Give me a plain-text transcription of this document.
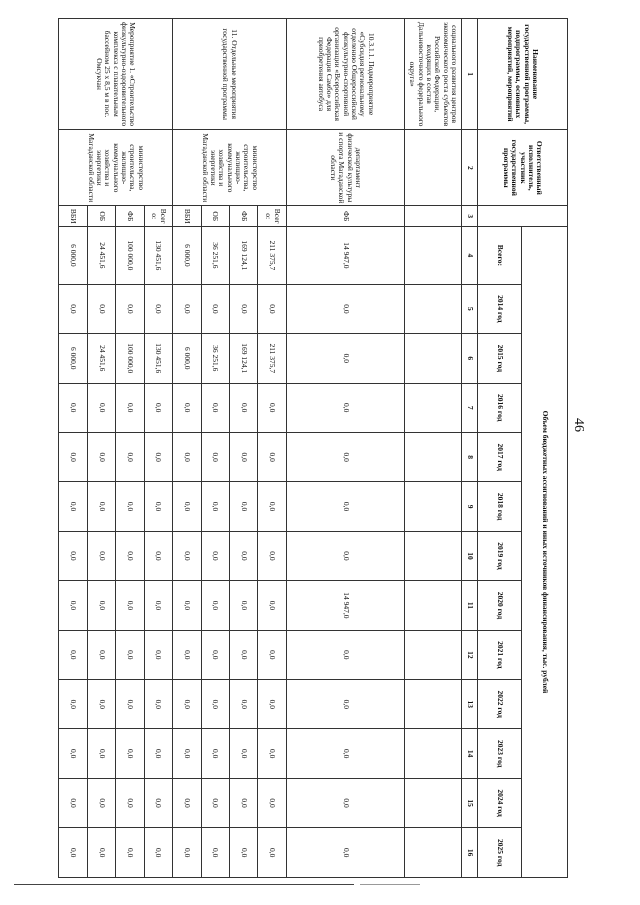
46
Наименование государственной программы, подпрограммы, основных мероприятий, мероприятий	Ответственный исполнитель, участник государственной программы		Объем бюджетных ассигнований и иных источников финансирования, тыс. рублей												
			Всего:	2014 год	2015 год	2016 год	2017 год	2018 год	2019 год	2020 год	2021 год	2022 год	2023 год	2024 год	2025 год
1	2	3	4	5	6	7	8	9	10	11	12	13	14	15	16
социального развития центров экономического роста субъектов Российской Федерации, входящих в состав Дальневосточного федерального округа»															
10.3.1.1. Подмероприятие «Субсидия региональному отделению Общероссийской физкультурно-спортивной организации «Всероссийская Федерация Самбо» для приобретения автобуса	департамент физической культуры и спорта Магаданской области	ФБ	14 947,0	0,0	0,0	0,0	0,0	0,0	0,0	14 947,0	0,0	0,0	0,0	0,0	0,0
11. Отдельные мероприятия государственной программы	министерство строительства, жилищно-коммунального хозяйства и энергетики Магаданской области	Всего:	211 375,7	0,0	211 375,7	0,0	0,0	0,0	0,0	0,0	0,0	0,0	0,0	0,0	0,0
		ФБ	169 124,1	0,0	169 124,1	0,0	0,0	0,0	0,0	0,0	0,0	0,0	0,0	0,0	0,0
		ОБ	36 251,6	0,0	36 251,6	0,0	0,0	0,0	0,0	0,0	0,0	0,0	0,0	0,0	0,0
		ВБИ	6 000,0	0,0	6 000,0	0,0	0,0	0,0	0,0	0,0	0,0	0,0	0,0	0,0	0,0
Мероприятие 1. «Строительство физкультурно-оздоровительного комплекса с плавательным бассейном 25 x 8,5 м в пос. Омсукчан	министерство строительства, жилищно-коммунального хозяйства и энергетики Магаданской области	Всего:	130 451,6	0,0	130 451,6	0,0	0,0	0,0	0,0	0,0	0,0	0,0	0,0	0,0	0,0
		ФБ	100 000,0	0,0	100 000,0	0,0	0,0	0,0	0,0	0,0	0,0	0,0	0,0	0,0	0,0
		ОБ	24 451,6	0,0	24 451,6	0,0	0,0	0,0	0,0	0,0	0,0	0,0	0,0	0,0	0,0
		ВБИ	6 000,0	0,0	6 000,0	0,0	0,0	0,0	0,0	0,0	0,0	0,0	0,0	0,0	0,0
